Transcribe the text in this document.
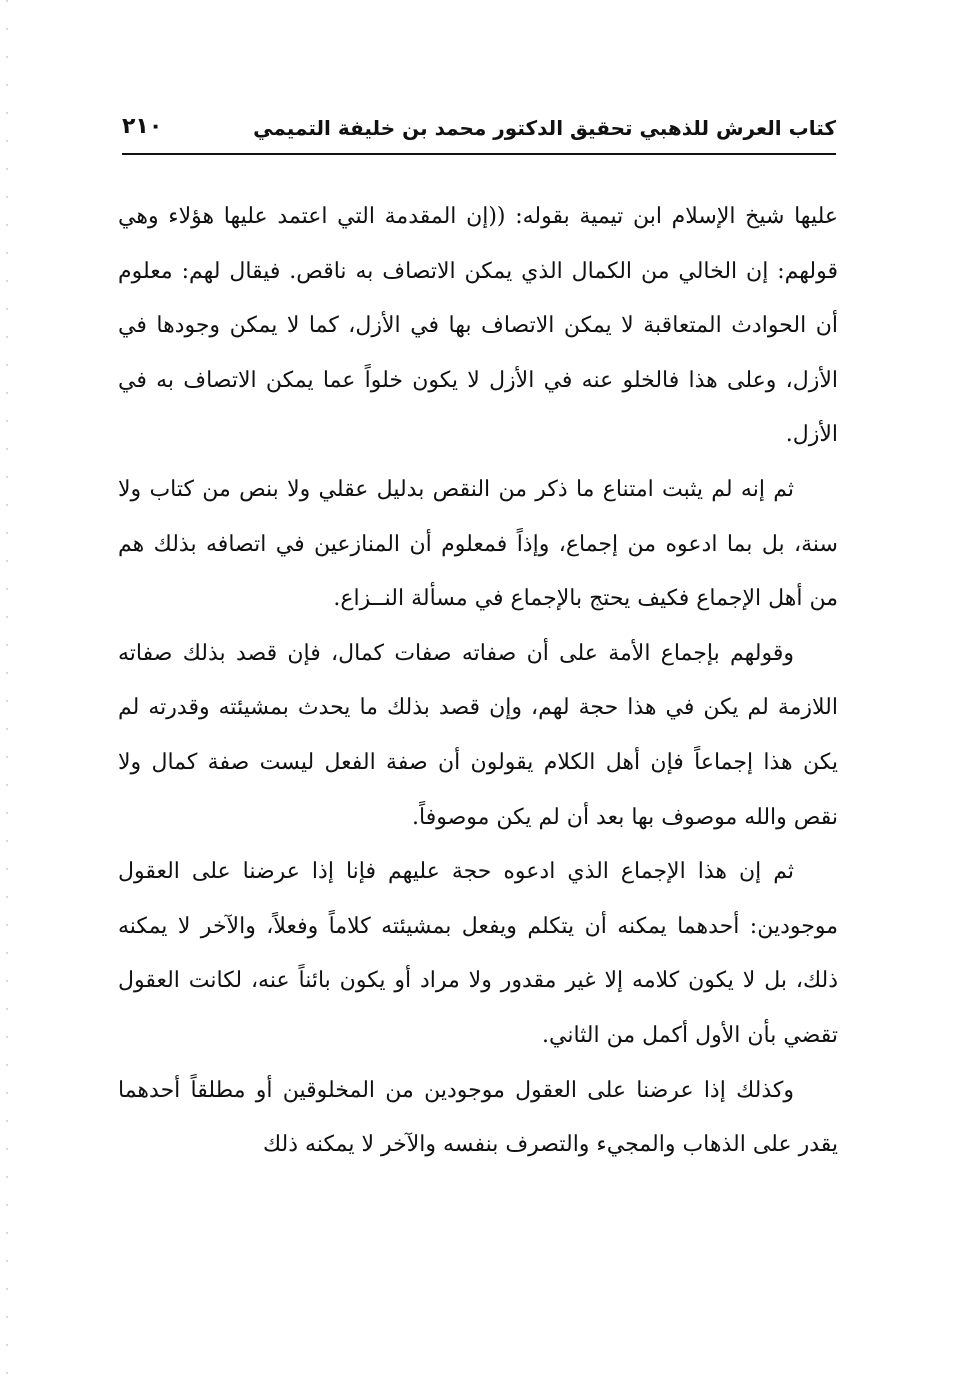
كتاب العرش للذهبي تحقيق الدكتور محمد بن خليفة التميمي
٢١٠

عليها شيخ الإسلام ابن تيمية بقوله: ((إن المقدمة التي اعتمد عليها هؤلاء وهي قولهم: إن الخالي من الكمال الذي يمكن الاتصاف به ناقص. فيقال لهم: معلوم أن الحوادث المتعاقبة لا يمكن الاتصاف بها في الأزل، كما لا يمكن وجودها في الأزل، وعلى هذا فالخلو عنه في الأزل لا يكون خلواً عما يمكن الاتصاف به في الأزل.

ثم إنه لم يثبت امتناع ما ذكر من النقص بدليل عقلي ولا بنص من كتاب ولا سنة، بل بما ادعوه من إجماع، وإذاً فمعلوم أن المنازعين في اتصافه بذلك هم من أهل الإجماع فكيف يحتج بالإجماع في مسألة النــزاع.

وقولهم بإجماع الأمة على أن صفاته صفات كمال، فإن قصد بذلك صفاته اللازمة لم يكن في هذا حجة لهم، وإن قصد بذلك ما يحدث بمشيئته وقدرته لم يكن هذا إجماعاً فإن أهل الكلام يقولون أن صفة الفعل ليست صفة كمال ولا نقص والله موصوف بها بعد أن لم يكن موصوفاً.

ثم إن هذا الإجماع الذي ادعوه حجة عليهم فإنا إذا عرضنا على العقول موجودين: أحدهما يمكنه أن يتكلم ويفعل بمشيئته كلاماً وفعلاً، والآخر لا يمكنه ذلك، بل لا يكون كلامه إلا غير مقدور ولا مراد أو يكون بائناً عنه، لكانت العقول تقضي بأن الأول أكمل من الثاني.

وكذلك إذا عرضنا على العقول موجودين من المخلوقين أو مطلقاً أحدهما يقدر على الذهاب والمجيء والتصرف بنفسه والآخر لا يمكنه ذلك
